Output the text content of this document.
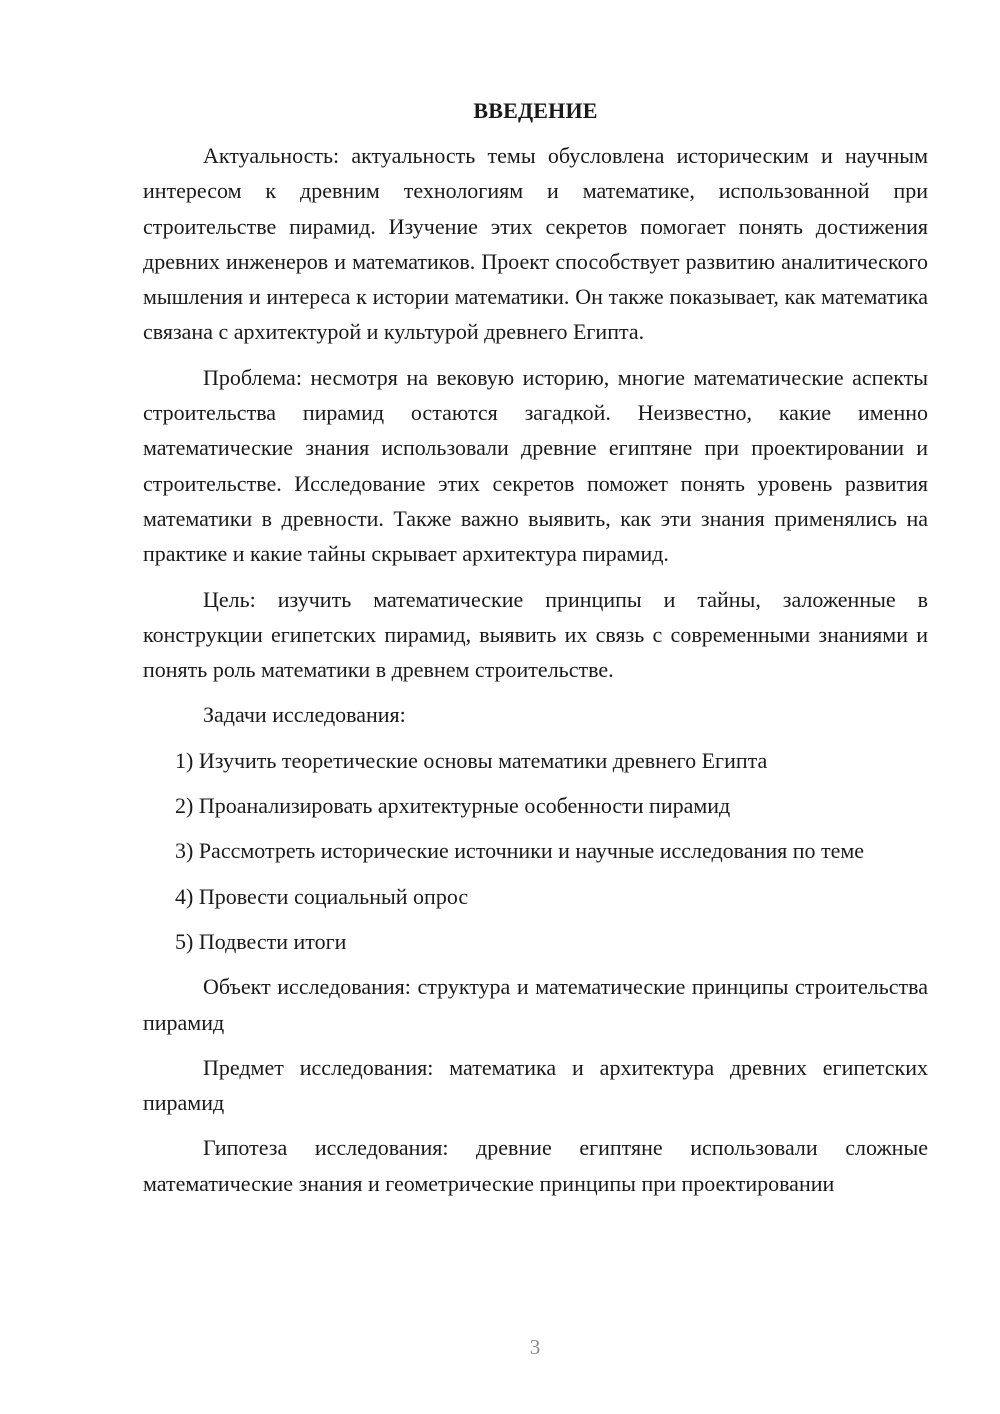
ВВЕДЕНИЕ

Актуальность: актуальность темы обусловлена историческим и научным интересом к древним технологиям и математике, использованной при строительстве пирамид. Изучение этих секретов помогает понять достижения древних инженеров и математиков. Проект способствует развитию аналитического мышления и интереса к истории математики. Он также показывает, как математика связана с архитектурой и культурой древнего Египта.

Проблема: несмотря на вековую историю, многие математические аспекты строительства пирамид остаются загадкой. Неизвестно, какие именно математические знания использовали древние египтяне при проектировании и строительстве. Исследование этих секретов поможет понять уровень развития математики в древности. Также важно выявить, как эти знания применялись на практике и какие тайны скрывает архитектура пирамид.

Цель: изучить математические принципы и тайны, заложенные в конструкции египетских пирамид, выявить их связь с современными знаниями и понять роль математики в древнем строительстве.

Задачи исследования:

1) Изучить теоретические основы математики древнего Египта

2) Проанализировать архитектурные особенности пирамид

3) Рассмотреть исторические источники и научные исследования по теме

4) Провести социальный опрос

5) Подвести итоги

Объект исследования: структура и математические принципы строительства пирамид

Предмет исследования: математика и архитектура древних египетских пирамид

Гипотеза исследования: древние египтяне использовали сложные математические знания и геометрические принципы при проектировании

3
